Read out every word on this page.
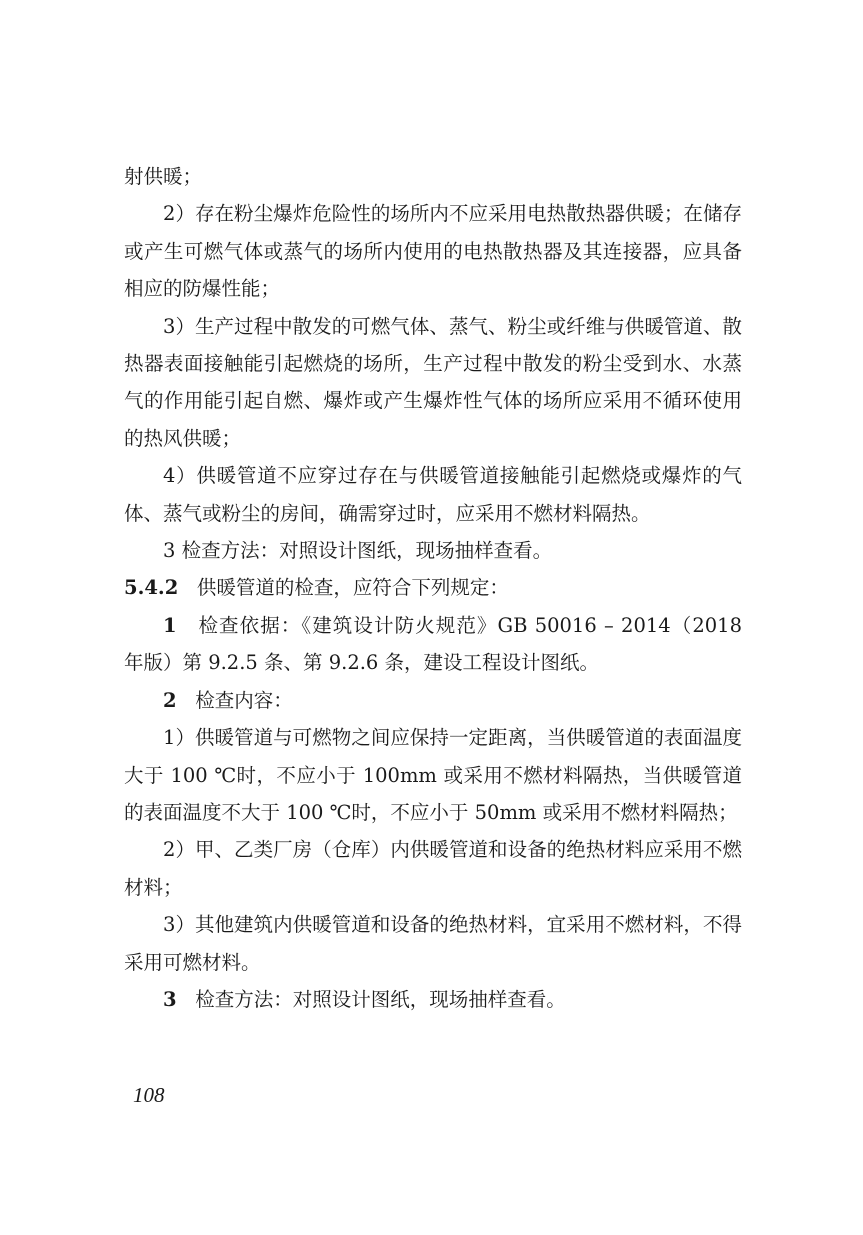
射供暖；

2）存在粉尘爆炸危险性的场所内不应采用电热散热器供暖；在储存或产生可燃气体或蒸气的场所内使用的电热散热器及其连接器，应具备相应的防爆性能；

3）生产过程中散发的可燃气体、蒸气、粉尘或纤维与供暖管道、散热器表面接触能引起燃烧的场所，生产过程中散发的粉尘受到水、水蒸气的作用能引起自燃、爆炸或产生爆炸性气体的场所应采用不循环使用的热风供暖；

4）供暖管道不应穿过存在与供暖管道接触能引起燃烧或爆炸的气体、蒸气或粉尘的房间，确需穿过时，应采用不燃材料隔热。

3 检查方法：对照设计图纸，现场抽样查看。

5.4.2 供暖管道的检查，应符合下列规定：

1 检查依据：《建筑设计防火规范》GB 50016 – 2014（2018 年版）第 9.2.5 条、第 9.2.6 条，建设工程设计图纸。

2 检查内容：

1）供暖管道与可燃物之间应保持一定距离，当供暖管道的表面温度大于 100 ℃时，不应小于 100mm 或采用不燃材料隔热，当供暖管道的表面温度不大于 100 ℃时，不应小于 50mm 或采用不燃材料隔热；

2）甲、乙类厂房（仓库）内供暖管道和设备的绝热材料应采用不燃材料；

3）其他建筑内供暖管道和设备的绝热材料，宜采用不燃材料，不得采用可燃材料。

3 检查方法：对照设计图纸，现场抽样查看。

108
